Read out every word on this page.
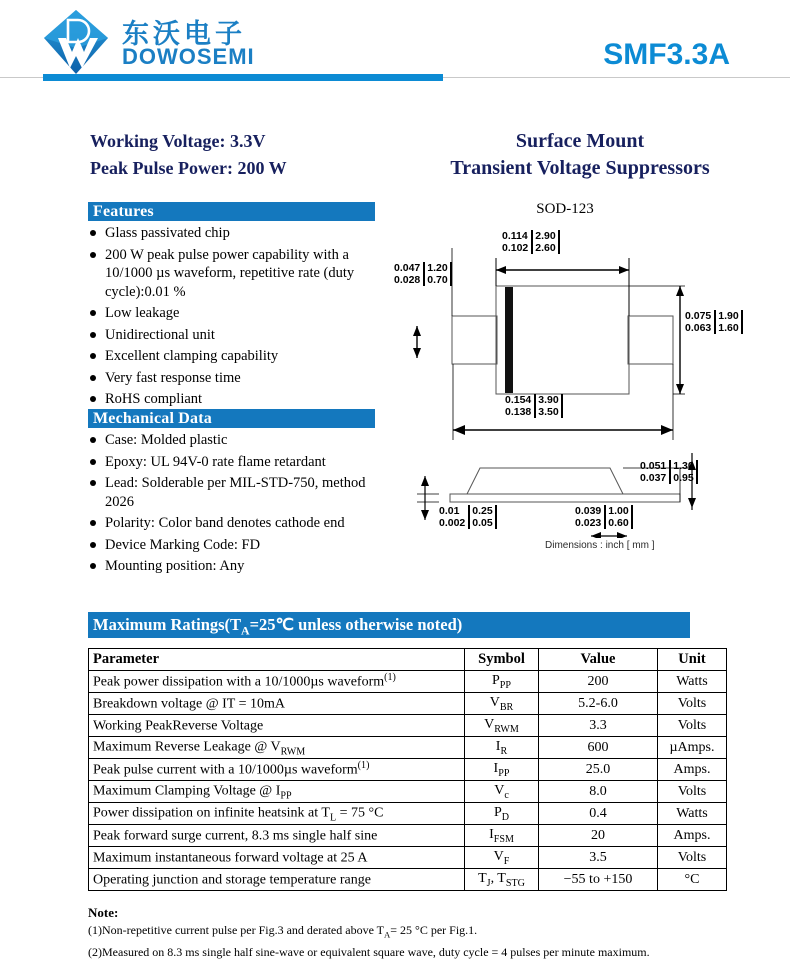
东沃电子
DOWOSEMI	SMF3.3A
Working Voltage: 3.3V
Peak Pulse Power: 200 W
Surface Mount
Transient Voltage Suppressors
Features
Glass passivated chip
200 W peak pulse power capability with a 10/1000 µs waveform, repetitive rate (duty cycle):0.01 %
Low leakage
Unidirectional unit
Excellent clamping capability
Very fast response time
RoHS compliant
Mechanical Data
Case: Molded plastic
Epoxy: UL 94V-0 rate flame retardant
Lead: Solderable per MIL-STD-750, method 2026
Polarity: Color band denotes cathode end
Device Marking Code: FD
Mounting position: Any
SOD-123
0.114
0.102
2.90
2.60
0.047
0.028
1.20
0.70
0.075
0.063
1.90
1.60
0.154
0.138
3.90
3.50
0.051
0.037
1.30
0.95
0.01
0.002
0.25
0.05
0.039
0.023
1.00
0.60
Dimensions : inch [ mm ]
Maximum $Ratings(T_A=25℃$ unless otherwise noted)
Parameter	Symbol	Value	Unit
Peak power dissipation with a 10/1000µs waveform$^{(1)}$	$P_{PP}$	200	Watts
Breakdown voltage @ IT = 10mA	$V_{BR}$	5.2-6.0	Volts
Working PeakReverse Voltage	$V_{RWM}$	3.3	Volts
Maximum Reverse Leakage @ $V_{RWM}$	$I_R$	600	µAmps.
Peak pulse current with a 10/1000µs waveform$^{(1)}$	$I_{PP}$	25.0	Amps.
Maximum Clamping Voltage @ $I_{PP}$	$V_c$	8.0	Volts
Power dissipation on infinite heatsink at $T_L = 75$ °C	$P_D$	0.4	Watts
Peak forward surge current, 8.3 ms single half sine	$I_{FSM}$	20	Amps.
Maximum instantaneous forward voltage at 25 A	$V_F$	3.5	Volts
Operating junction and storage temperature range	$T_J$, $T_{STG}$	−55 to +150	°C
Note:
(1)Non-repetitive current pulse per Fig.3 and derated above $T_A= 25$ °C per Fig.1.
(2)Measured on 8.3 ms single half sine-wave or equivalent square wave, duty cycle = 4 pulses per minute maximum.
